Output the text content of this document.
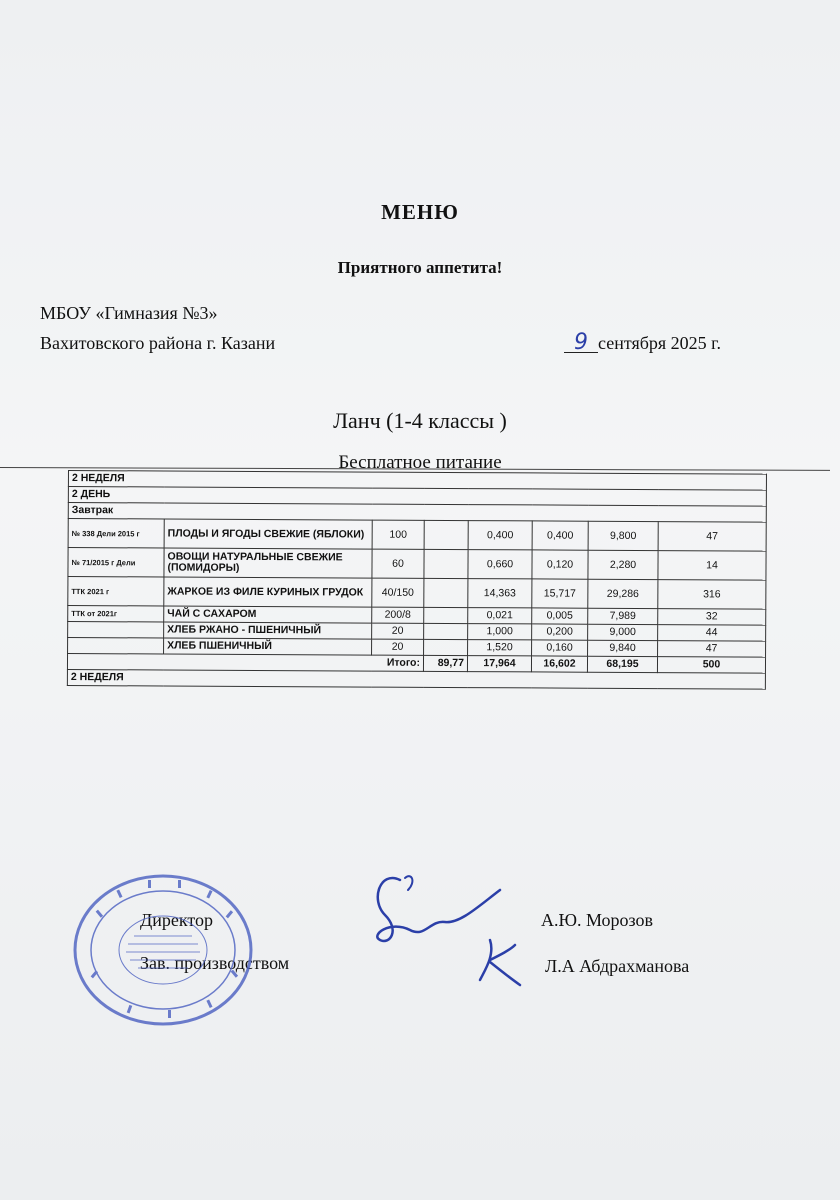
МЕНЮ
Приятного аппетита!
МБОУ «Гимназия №3»
Вахитовского района г. Казани	9 сентября 2025 г.
Ланч (1-4 классы )
Бесплатное питание
2 НЕДЕЛЯ							
2 ДЕНЬ							
Завтрак							
№ 338 Дели 2015 г	ПЛОДЫ И ЯГОДЫ СВЕЖИЕ (ЯБЛОКИ)	100		0,400	0,400	9,800	47
№ 71/2015 г Дели	ОВОЩИ НАТУРАЛЬНЫЕ СВЕЖИЕ (ПОМИДОРЫ)	60		0,660	0,120	2,280	14
ТТК 2021 г	ЖАРКОЕ ИЗ ФИЛЕ КУРИНЫХ ГРУДОК	40/150		14,363	15,717	29,286	316
ТТК от 2021г	ЧАЙ С САХАРОМ	200/8		0,021	0,005	7,989	32
	ХЛЕБ РЖАНО - ПШЕНИЧНЫЙ	20		1,000	0,200	9,000	44
	ХЛЕБ ПШЕНИЧНЫЙ	20		1,520	0,160	9,840	47
Итого:			89,77	17,964	16,602	68,195	500
2 НЕДЕЛЯ							
Директор	А.Ю. Морозов
Зав. производством	Л.А Абдрахманова
